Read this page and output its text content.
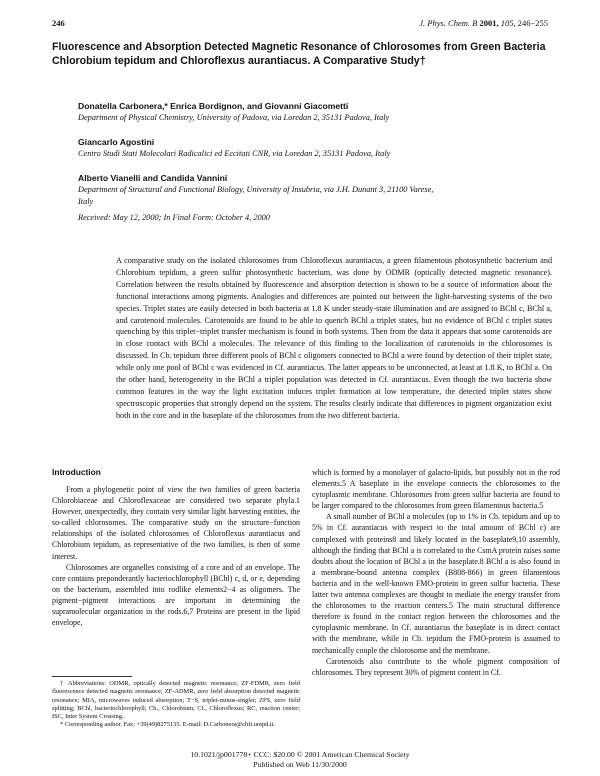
246	J. Phys. Chem. B 2001, 105, 246−255
Fluorescence and Absorption Detected Magnetic Resonance of Chlorosomes from Green Bacteria Chlorobium tepidum and Chloroflexus aurantiacus. A Comparative Study†
Donatella Carbonera,* Enrica Bordignon, and Giovanni Giacometti
Department of Physical Chemistry, University of Padova, via Loredan 2, 35131 Padova, Italy
Giancarlo Agostini
Centro Studi Stati Molecolari Radicalici ed Eccitati CNR, via Loredan 2, 35131 Padova, Italy
Alberto Vianelli and Candida Vannini
Department of Structural and Functional Biology, University of Insubria, via J.H. Dunant 3, 21100 Varese, Italy
Received: May 12, 2000; In Final Form: October 4, 2000

A comparative study on the isolated chlorosomes from Chloroflexus aurantiacus, a green filamentous photosynthetic bacterium and Chlorobium tepidum, a green sulfur photosynthetic bacterium, was done by ODMR (optically detected magnetic resonance). Correlation between the results obtained by fluorescence and absorption detection is shown to be a source of information about the functional interactions among pigments. Analogies and differences are pointed out between the light-harvesting systems of the two species. Triplet states are easily detected in both bacteria at 1.8 K under steady-state illumination and are assigned to BChl c, BChl a, and carotenoid molecules. Carotenoids are found to be able to quench BChl a triplet states, but no evidence of BChl c triplet states quenching by this triplet−triplet transfer mechanism is found in both systems. Then from the data it appears that some carotenoids are in close contact with BChl a molecules. The relevance of this finding to the localization of carotenoids in the chlorosomes is discussed. In Cb. tepidum three different pools of BChl c oligomers connected to BChl a were found by detection of their triplet state, while only one pool of BChl c was evidenced in Cf. aurantiacus. The latter appears to be unconnected, at least at 1.8 K, to BChl a. On the other hand, heterogeneity in the BChl a triplet population was detected in Cf. aurantiacus. Even though the two bacteria show common features in the way the light excitation induces triplet formation at low temperature, the detected triplet states show spectroscopic properties that strongly depend on the system. The results clearly indicate that differences in pigment organization exist both in the core and in the baseplate of the chlorosomes from the two different bacteria.

Introduction

From a phylogenetic point of view the two families of green bacteria Chlorobiaceae and Chloroflexaceae are considered two separate phyla.1 However, unexpectedly, they contain very similar light harvesting entities, the so-called chlorosomes. The comparative study on the structure−function relationships of the isolated chlorosomes of Chloroflexus aurantiacus and Chlorobium tepidum, as representative of the two families, is then of some interest.

Chlorosomes are organelles consisting of a core and of an envelope. The core contains preponderantly bacteriochlorophyll (BChl) c, d, or e, depending on the bacterium, assembled into rodlike elements2−4 as oligomers. The pigment−pigment interactions are important in determining the supramolecular organization in the rods.6,7 Proteins are present in the lipid envelope,

† Abbreviations: ODMR, optically detected magnetic resonance; ZF-FDMR, zero field fluorescence detected magnetic resonance; ZF-ADMR, zero field absorption detected magnetic resonance; MIA, microwaves induced absorption; T−S, triplet-minus-singlet; ZFS, zero field splitting; BChl, bacteriochlorophyll; Cb., Chlorobium; Cf., Chloroflexus; RC, reaction center; ISC, Inter System Crossing.

* Corresponding author. Fax: +39(49)8275135. E-mail: D.Carbonera@chfi.unipd.it.

which is formed by a monolayer of galacto-lipids, but possibly not in the rod elements.5 A baseplate in the envelope connects the chlorosomes to the cytoplasmic membrane. Chlorosomes from green sulfur bacteria are found to be larger compared to the chlorosomes from green filamentous bacteria.5

A small number of BChl a molecules (up to 1% in Cb. tepidum and up to 5% in Cf. aurantiacus with respect to the total amount of BChl c) are complexed with proteins8 and likely located in the baseplate9,10 assembly, although the finding that BChl a is correlated to the CsmA protein raises some doubts about the location of BChl a in the baseplate.8 BChl a is also found in a membrane-bound antenna complex (B808-866) in green filamentous bacteria and in the well-known FMO-protein in green sulfur bacteria. These latter two antenna complexes are thought to mediate the energy transfer from the chlorosomes to the reaction centers.5 The main structural difference therefore is found in the contact region between the chlorosomes and the cytoplasmic membrane. In Cf. aurantiacus the baseplate is in direct contact with the membrane, while in Cb. tepidum the FMO-protein is assumed to mechanically couple the chlorosome and the membrane.

Carotenoids also contribute to the whole pigment composition of chlorosomes. They represent 30% of pigment content in Cf.

10.1021/jp001778+ CCC: $20.00 © 2001 American Chemical Society
Published on Web 11/30/2000
